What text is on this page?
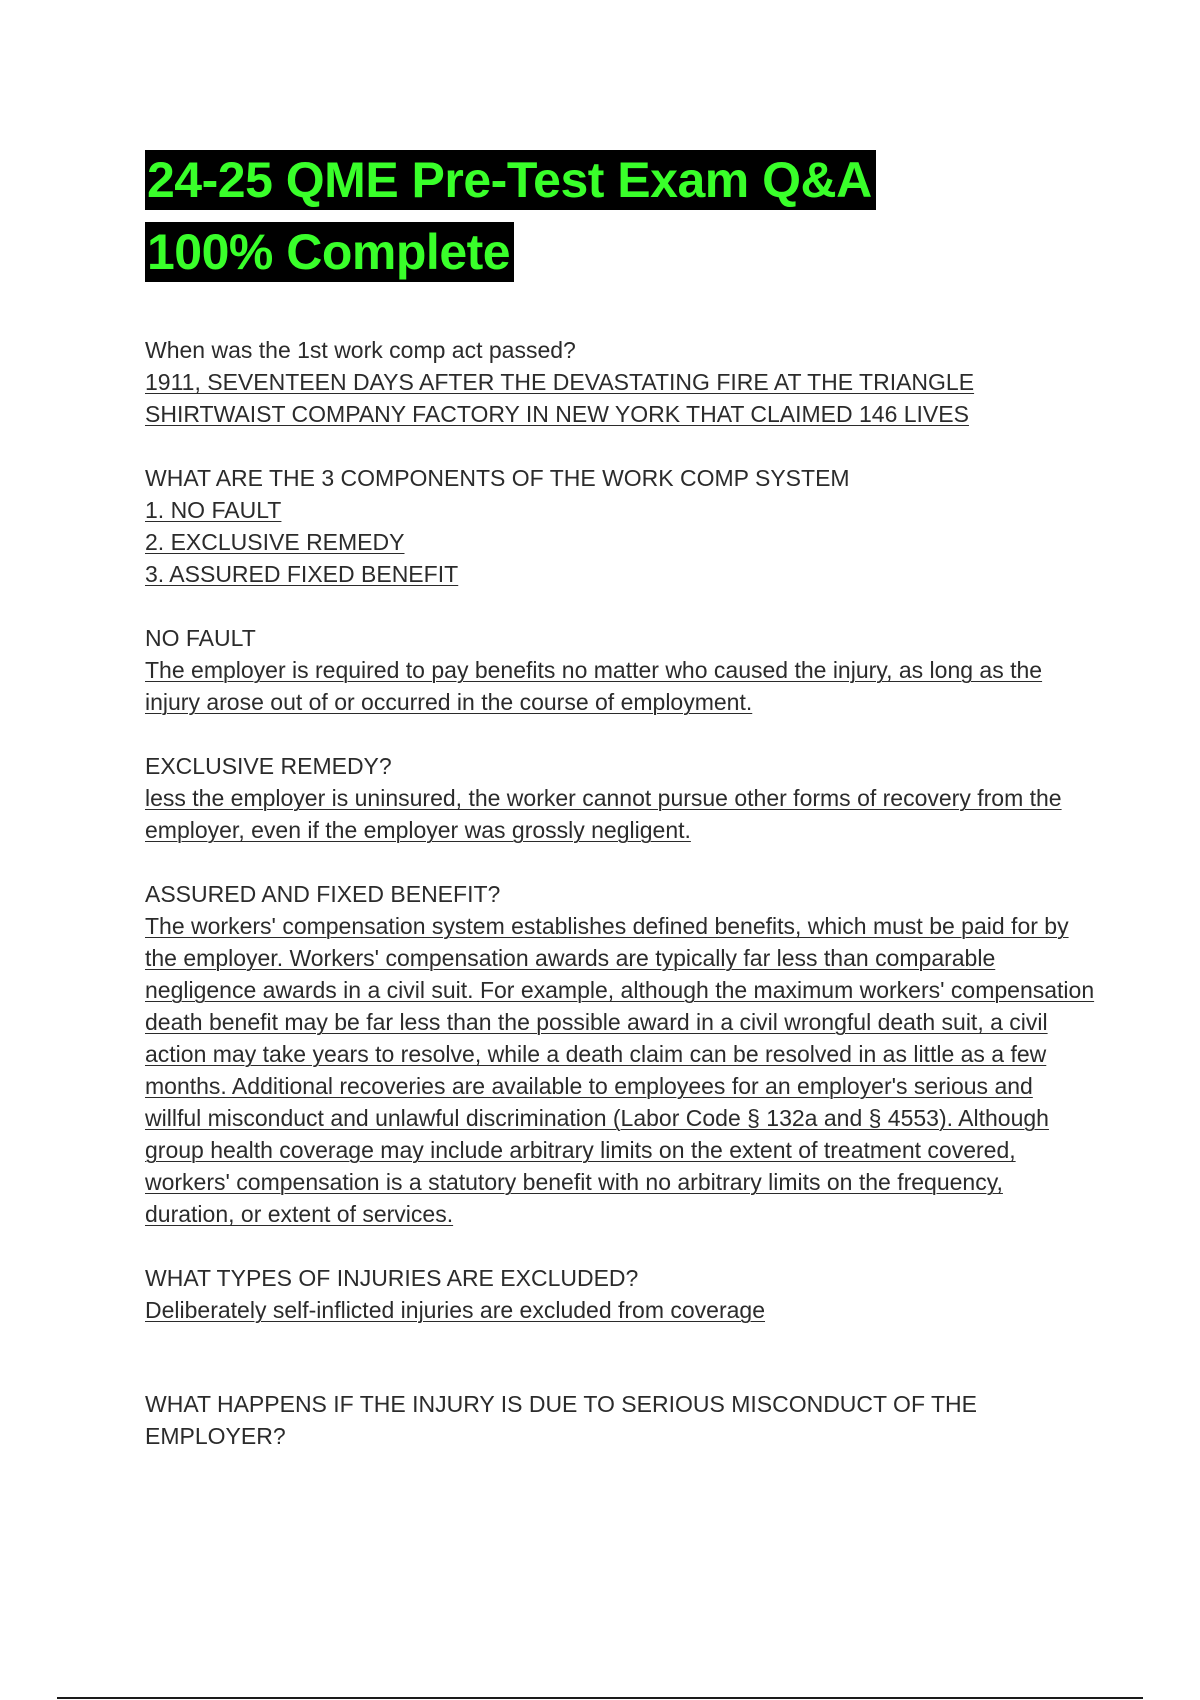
24-25 QME Pre-Test Exam Q&A
100% Complete

When was the 1st work comp act passed?

1911, SEVENTEEN DAYS AFTER THE DEVASTATING FIRE AT THE TRIANGLE SHIRTWAIST COMPANY FACTORY IN NEW YORK THAT CLAIMED 146 LIVES

WHAT ARE THE 3 COMPONENTS OF THE WORK COMP SYSTEM

1. NO FAULT
2. EXCLUSIVE REMEDY
3. ASSURED FIXED BENEFIT

NO FAULT

The employer is required to pay benefits no matter who caused the injury, as long as the injury arose out of or occurred in the course of employment.

EXCLUSIVE REMEDY?

less the employer is uninsured, the worker cannot pursue other forms of recovery from the employer, even if the employer was grossly negligent.

ASSURED AND FIXED BENEFIT?

The workers' compensation system establishes defined benefits, which must be paid for by the employer. Workers' compensation awards are typically far less than comparable negligence awards in a civil suit. For example, although the maximum workers' compensation death benefit may be far less than the possible award in a civil wrongful death suit, a civil action may take years to resolve, while a death claim can be resolved in as little as a few months. Additional recoveries are available to employees for an employer's serious and willful misconduct and unlawful discrimination (Labor Code § 132a and § 4553). Although group health coverage may include arbitrary limits on the extent of treatment covered, workers' compensation is a statutory benefit with no arbitrary limits on the frequency, duration, or extent of services.

WHAT TYPES OF INJURIES ARE EXCLUDED?

Deliberately self-inflicted injuries are excluded from coverage

WHAT HAPPENS IF THE INJURY IS DUE TO SERIOUS MISCONDUCT OF THE EMPLOYER?
